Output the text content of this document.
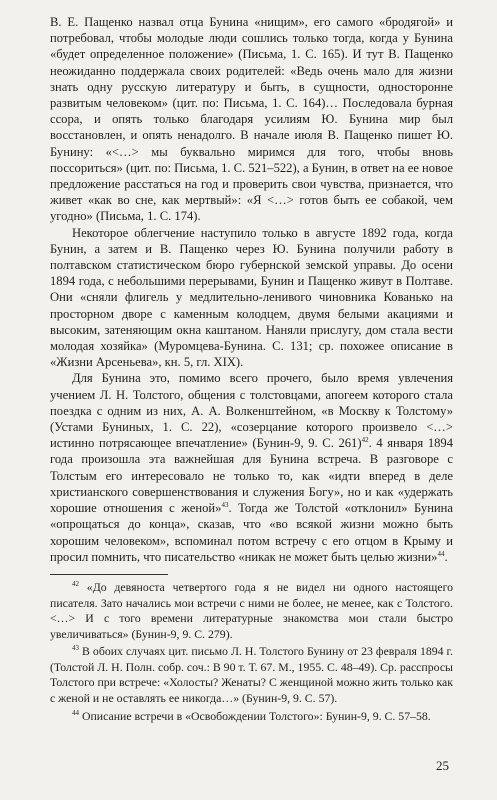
В. Е. Пащенко назвал отца Бунина «нищим», его самого «бродягой» и потребовал, чтобы молодые люди сошлись только тогда, когда у Бунина «будет определенное положение» (Письма, 1. С. 165). И тут В. Пащенко неожиданно поддержала своих родителей: «Ведь очень мало для жизни знать одну русскую литературу и быть, в сущности, односторонне развитым человеком» (цит. по: Письма, 1. С. 164)… Последовала бурная ссора, и опять только благодаря усилиям Ю. Бунина мир был восстановлен, и опять ненадолго. В начале июля В. Пащенко пишет Ю. Бунину: «<…> мы буквально миримся для того, чтобы вновь поссориться» (цит. по: Письма, 1. С. 521–522), а Бунин, в ответ на ее новое предложение расстаться на год и проверить свои чувства, признается, что живет «как во сне, как мертвый»: «Я <…> готов быть ее собакой, чем угодно» (Письма, 1. С. 174).

Некоторое облегчение наступило только в августе 1892 года, когда Бунин, а затем и В. Пащенко через Ю. Бунина получили работу в полтавском статистическом бюро губернской земской управы. До осени 1894 года, с небольшими перерывами, Бунин и Пащенко живут в Полтаве. Они «сняли флигель у медлительно-ленивого чиновника Кованько на просторном дворе с каменным колодцем, двумя белыми акациями и высоким, затеняющим окна каштаном. Наняли прислугу, дом стала вести молодая хозяйка» (Муромцева-Бунина. С. 131; ср. похожее описание в «Жизни Арсеньева», кн. 5, гл. XIX).

Для Бунина это, помимо всего прочего, было время увлечения учением Л. Н. Толстого, общения с толстовцами, апогеем которого стала поездка с одним из них, А. А. Волкенштейном, «в Москву к Толстому» (Устами Буниных, 1. С. 22), «созерцание которого произвело <…> истинно потрясающее впечатление» (Бунин-9, 9. С. 261)$^{42}$. 4 января 1894 года произошла эта важнейшая для Бунина встреча. В разговоре с Толстым его интересовало не только то, как «идти вперед в деле христианского совершенствования и служения Богу», но и как «удержать хорошие отношения с женой»$^{43}$. Тогда же Толстой «отклонил» Бунина «опрощаться до конца», сказав, что «во всякой жизни можно быть хорошим человеком», вспоминал потом встречу с его отцом в Крыму и просил помнить, что писательство «никак не может быть целью жизни»$^{44}$.

$^{42}$ «До девяноста четвертого года я не видел ни одного настоящего писателя. Зато начались мои встречи с ними не более, не менее, как с Толстого. <…> И с того времени литературные знакомства мои стали быстро увеличиваться» (Бунин-9, 9. С. 279).

$^{43}$ В обоих случаях цит. письмо Л. Н. Толстого Бунину от 23 февраля 1894 г. (Толстой Л. Н. Полн. собр. соч.: В 90 т. Т. 67. М., 1955. С. 48–49). Ср. расспросы Толстого при встрече: «Холосты? Женаты? С женщиной можно жить только как с женой и не оставлять ее никогда…» (Бунин-9, 9. С. 57).

$^{44}$ Описание встречи в «Освобождении Толстого»: Бунин-9, 9. С. 57–58.

25
